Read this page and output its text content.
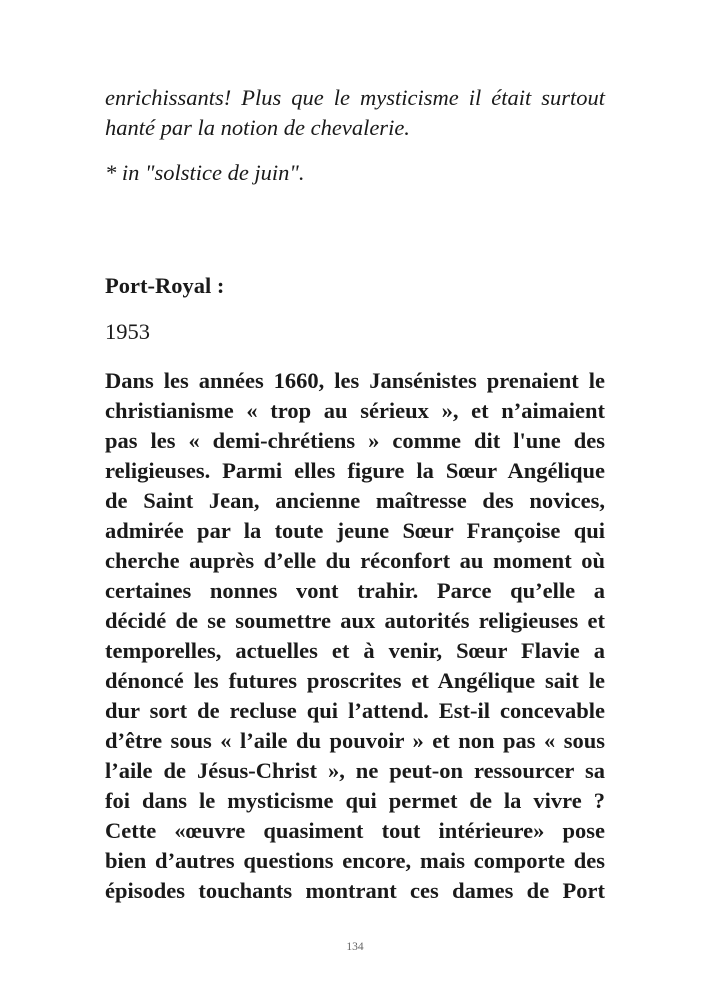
enrichissants! Plus que le mysticisme il était surtout
hanté par la notion de chevalerie.
* in "solstice de juin".
Port-Royal :
1953
Dans les années 1660, les Jansénistes prenaient le
christianisme « trop au sérieux », et n’aimaient
pas les « demi-chrétiens » comme dit l'une des
religieuses. Parmi elles figure la Sœur Angélique
de Saint Jean, ancienne maîtresse des novices,
admirée par la toute jeune Sœur Françoise qui
cherche auprès d’elle du réconfort au moment où
certaines nonnes vont trahir. Parce qu’elle a
décidé de se soumettre aux autorités religieuses et
temporelles, actuelles et à venir, Sœur Flavie a
dénoncé les futures proscrites et Angélique sait le
dur sort de recluse qui l’attend. Est-il concevable
d’être sous « l’aile du pouvoir » et non pas « sous
l’aile de Jésus-Christ », ne peut-on ressourcer sa
foi dans le mysticisme qui permet de la vivre ?
Cette «œuvre quasiment tout intérieure» pose
bien d’autres questions encore, mais comporte des
épisodes touchants montrant ces dames de Port
134
